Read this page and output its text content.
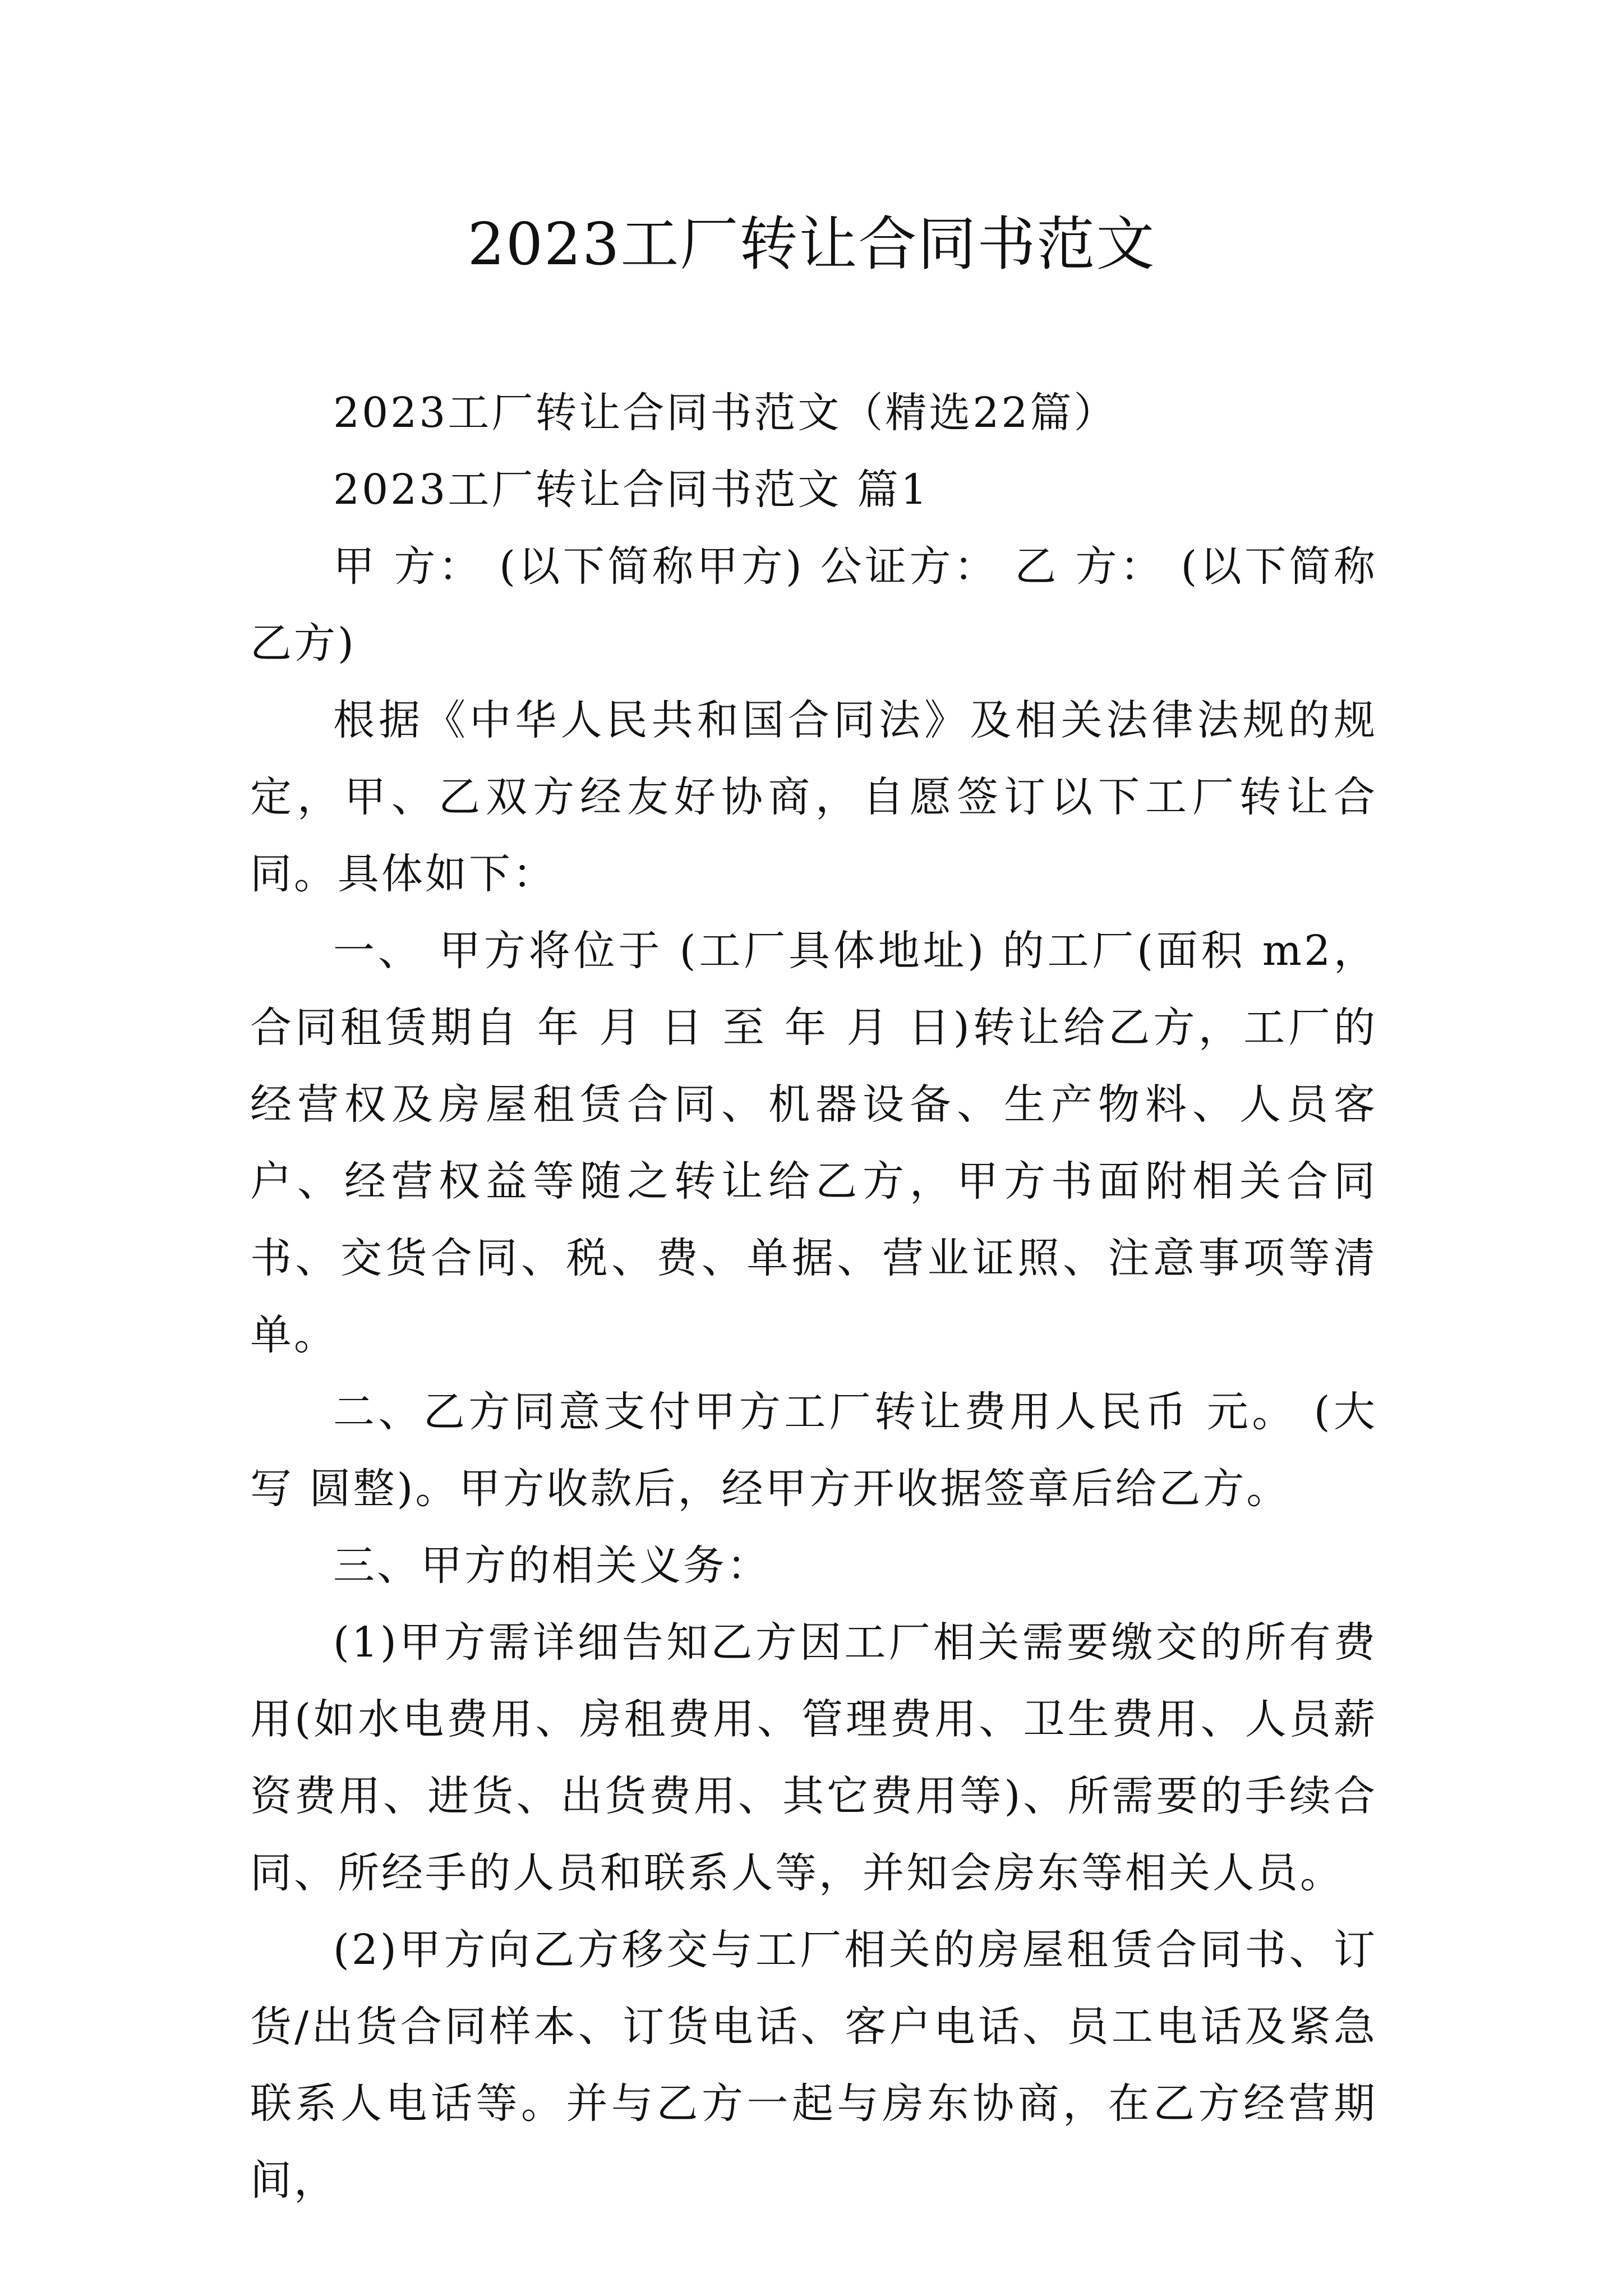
2023工厂转让合同书范文

2023工厂转让合同书范文（精选22篇）

2023工厂转让合同书范文 篇1

甲 方： (以下简称甲方) 公证方： 乙 方： (以下简称乙方)

根据《中华人民共和国合同法》及相关法律法规的规定，甲、乙双方经友好协商，自愿签订以下工厂转让合同。具体如下：

一、 甲方将位于 (工厂具体地址) 的工厂(面积 m2，合同租赁期自 年 月 日 至 年 月 日)转让给乙方，工厂的经营权及房屋租赁合同、机器设备、生产物料、人员客户、经营权益等随之转让给乙方，甲方书面附相关合同书、交货合同、税、费、单据、营业证照、注意事项等清单。

二、乙方同意支付甲方工厂转让费用人民币 元。 (大写 圆整)。甲方收款后，经甲方开收据签章后给乙方。

三、甲方的相关义务：

(1)甲方需详细告知乙方因工厂相关需要缴交的所有费用(如水电费用、房租费用、管理费用、卫生费用、人员薪资费用、进货、出货费用、其它费用等)、所需要的手续合同、所经手的人员和联系人等，并知会房东等相关人员。

(2)甲方向乙方移交与工厂相关的房屋租赁合同书、订货/出货合同样本、订货电话、客户电话、员工电话及紧急联系人电话等。并与乙方一起与房东协商，在乙方经营期间，
